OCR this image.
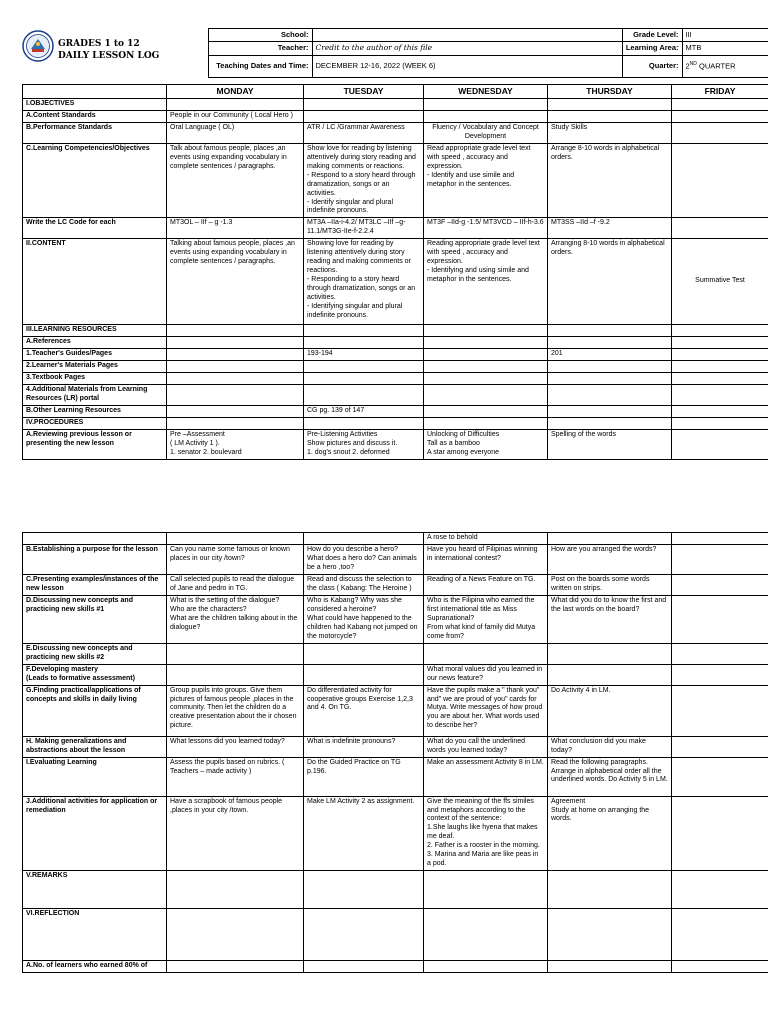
GRADES 1 to 12
DAILY LESSON LOG
	School:		Grade Level:	III
	Teacher:	Credit to the author of this file	Learning Area:	MTB
	Teaching Dates and Time:	DECEMBER 12-16, 2022 (WEEK 6)	Quarter:	2ND QUARTER
	MONDAY	TUESDAY	WEDNESDAY	THURSDAY	FRIDAY
I.OBJECTIVES					
A.Content Standards	People in our Community ( Local Hero )				
B.Performance Standards	Oral Language ( OL)	ATR / LC /Grammar Awareness	Fluency / Vocabulary and Concept Development	Study Skills	
C.Learning Competencies/Objectives	Talk about famous people, places ,an events using expanding vocabulary in complete sentences / paragraphs.	Show love for reading by listening attentively during story reading and making comments or reactions.
- Respond to a story heard through dramatization, songs or an activities.
- Identify singular and plural indefinite pronouns.	Read appropriate grade level text with speed , accuracy and expression.
- Identify and use simile and metaphor in the sentences.	Arrange 8-10 words in alphabetical orders.	
Write the LC Code for each	MT3OL – IIf – g -1.3	MT3A –IIa-i-4.2/ MT3LC –IIf –g- 11.1/MT3G-IIe-f-2.2.4	MT3F –IId-g -1.5/ MT3VCD – IIf-h-3.6	MT3SS –IId –f -9.2	
II.CONTENT	Talking about famous people, places ,an events using expanding vocabulary in complete sentences / paragraphs.	Showing love for reading by listening attentively during story reading and making comments or reactions.
- Responding to a story heard through dramatization, songs or an activities.
- Identifying singular and plural indefinite pronouns.	Reading appropriate grade level text with speed , accuracy and expression.
- Identifying and using simile and metaphor in the sentences.	Arranging 8-10 words in alphabetical orders.	Summative Test
III.LEARNING RESOURCES					
A.References					
1.Teacher's Guides/Pages		193-194		201	
2.Learner's Materials Pages					
3.Textbook Pages					
4.Additional Materials from Learning Resources (LR) portal					
B.Other Learning Resources		CG pg. 139 of 147			
IV.PROCEDURES					
A.Reviewing previous lesson or presenting the new lesson	Pre –Assessment
( LM Activity 1 ).
1. senator 2. boulevard	Pre-Listening Activities
Show pictures and discuss it.
1. dog's snout 2. deformed	Unlocking of Difficulties
Tall as a bamboo
A star among everyone	Spelling of the words	
			A rose to behold		
B.Establishing a purpose for the lesson	Can you name some famous or known places in our city /town?	How do you describe a hero?
What does a hero do? Can animals be a hero ,too?	Have you heard of Filipinas winning in international contest?	How are you arranged the words?	
C.Presenting examples/instances of the new lesson	Call selected pupils to read the dialogue of Jane and pedro in TG.	Read and discuss the selection to the class ( Kabang: The Heroine )	Reading of a News Feature on TG.	Post on the boards some words written on strips.	
D.Discussing new concepts and practicing new skills #1	What is the setting of the dialogue?
Who are the characters?
What are the children talking about in the dialogue?	Who is Kabang? Why was she considered a heroine?
What could have happened to the children had Kabang not jumped on the motorcycle?	Who is the Filipina who earned the first international title as Miss Supranational?
From what kind of family did Mutya come from?	What did you do to know the first and the last words on the board?	
E.Discussing new concepts and practicing new skills #2					
F.Developing mastery
(Leads to formative assessment)			What moral values did you learned in our news feature?		
G.Finding practical/applications of concepts and skills in daily living	Group pupils into groups. Give them pictures of famous people ,places in the community. Then let the children do a creative presentation about the ir chosen picture.	Do differentiated activity for cooperative groups Exercise 1,2,3 and 4. On TG.	Have the pupils make a " thank you" and" we are proud of you" cards for Mutya. Write messages of how proud you are about her. What words used to describe her?	Do Activity 4 in LM.	
H. Making generalizations and abstractions about the lesson	What lessons did you learned today?	What is indefinite pronouns?	What do you call the underlined words you learned today?	What conclusion did you make today?	
I.Evaluating Learning	Assess the pupils based on rubrics. ( Teachers – made activity )	Do the Guided Practice on TG p.196.	Make an assessment Activity 8 in LM.	Read the following paragraphs. Arrange in alphabetical order all the underlined words. Do Activity 5 in LM.	
J.Additional activities for application or remediation	Have a scrapbook of famous people ,places in your city /town.	Make LM Activity 2 as assignment.	Give the meaning of the ffs similes and metaphors according to the context of the sentence:
1.She laughs like hyena that makes me deaf.
2. Father is a rooster in the morning.
3. Marina and Maria are like peas in a pod.	Agreement
Study at home on arranging the words.	
V.REMARKS					
VI.REFLECTION					
A.No. of learners who earned 80% of					
